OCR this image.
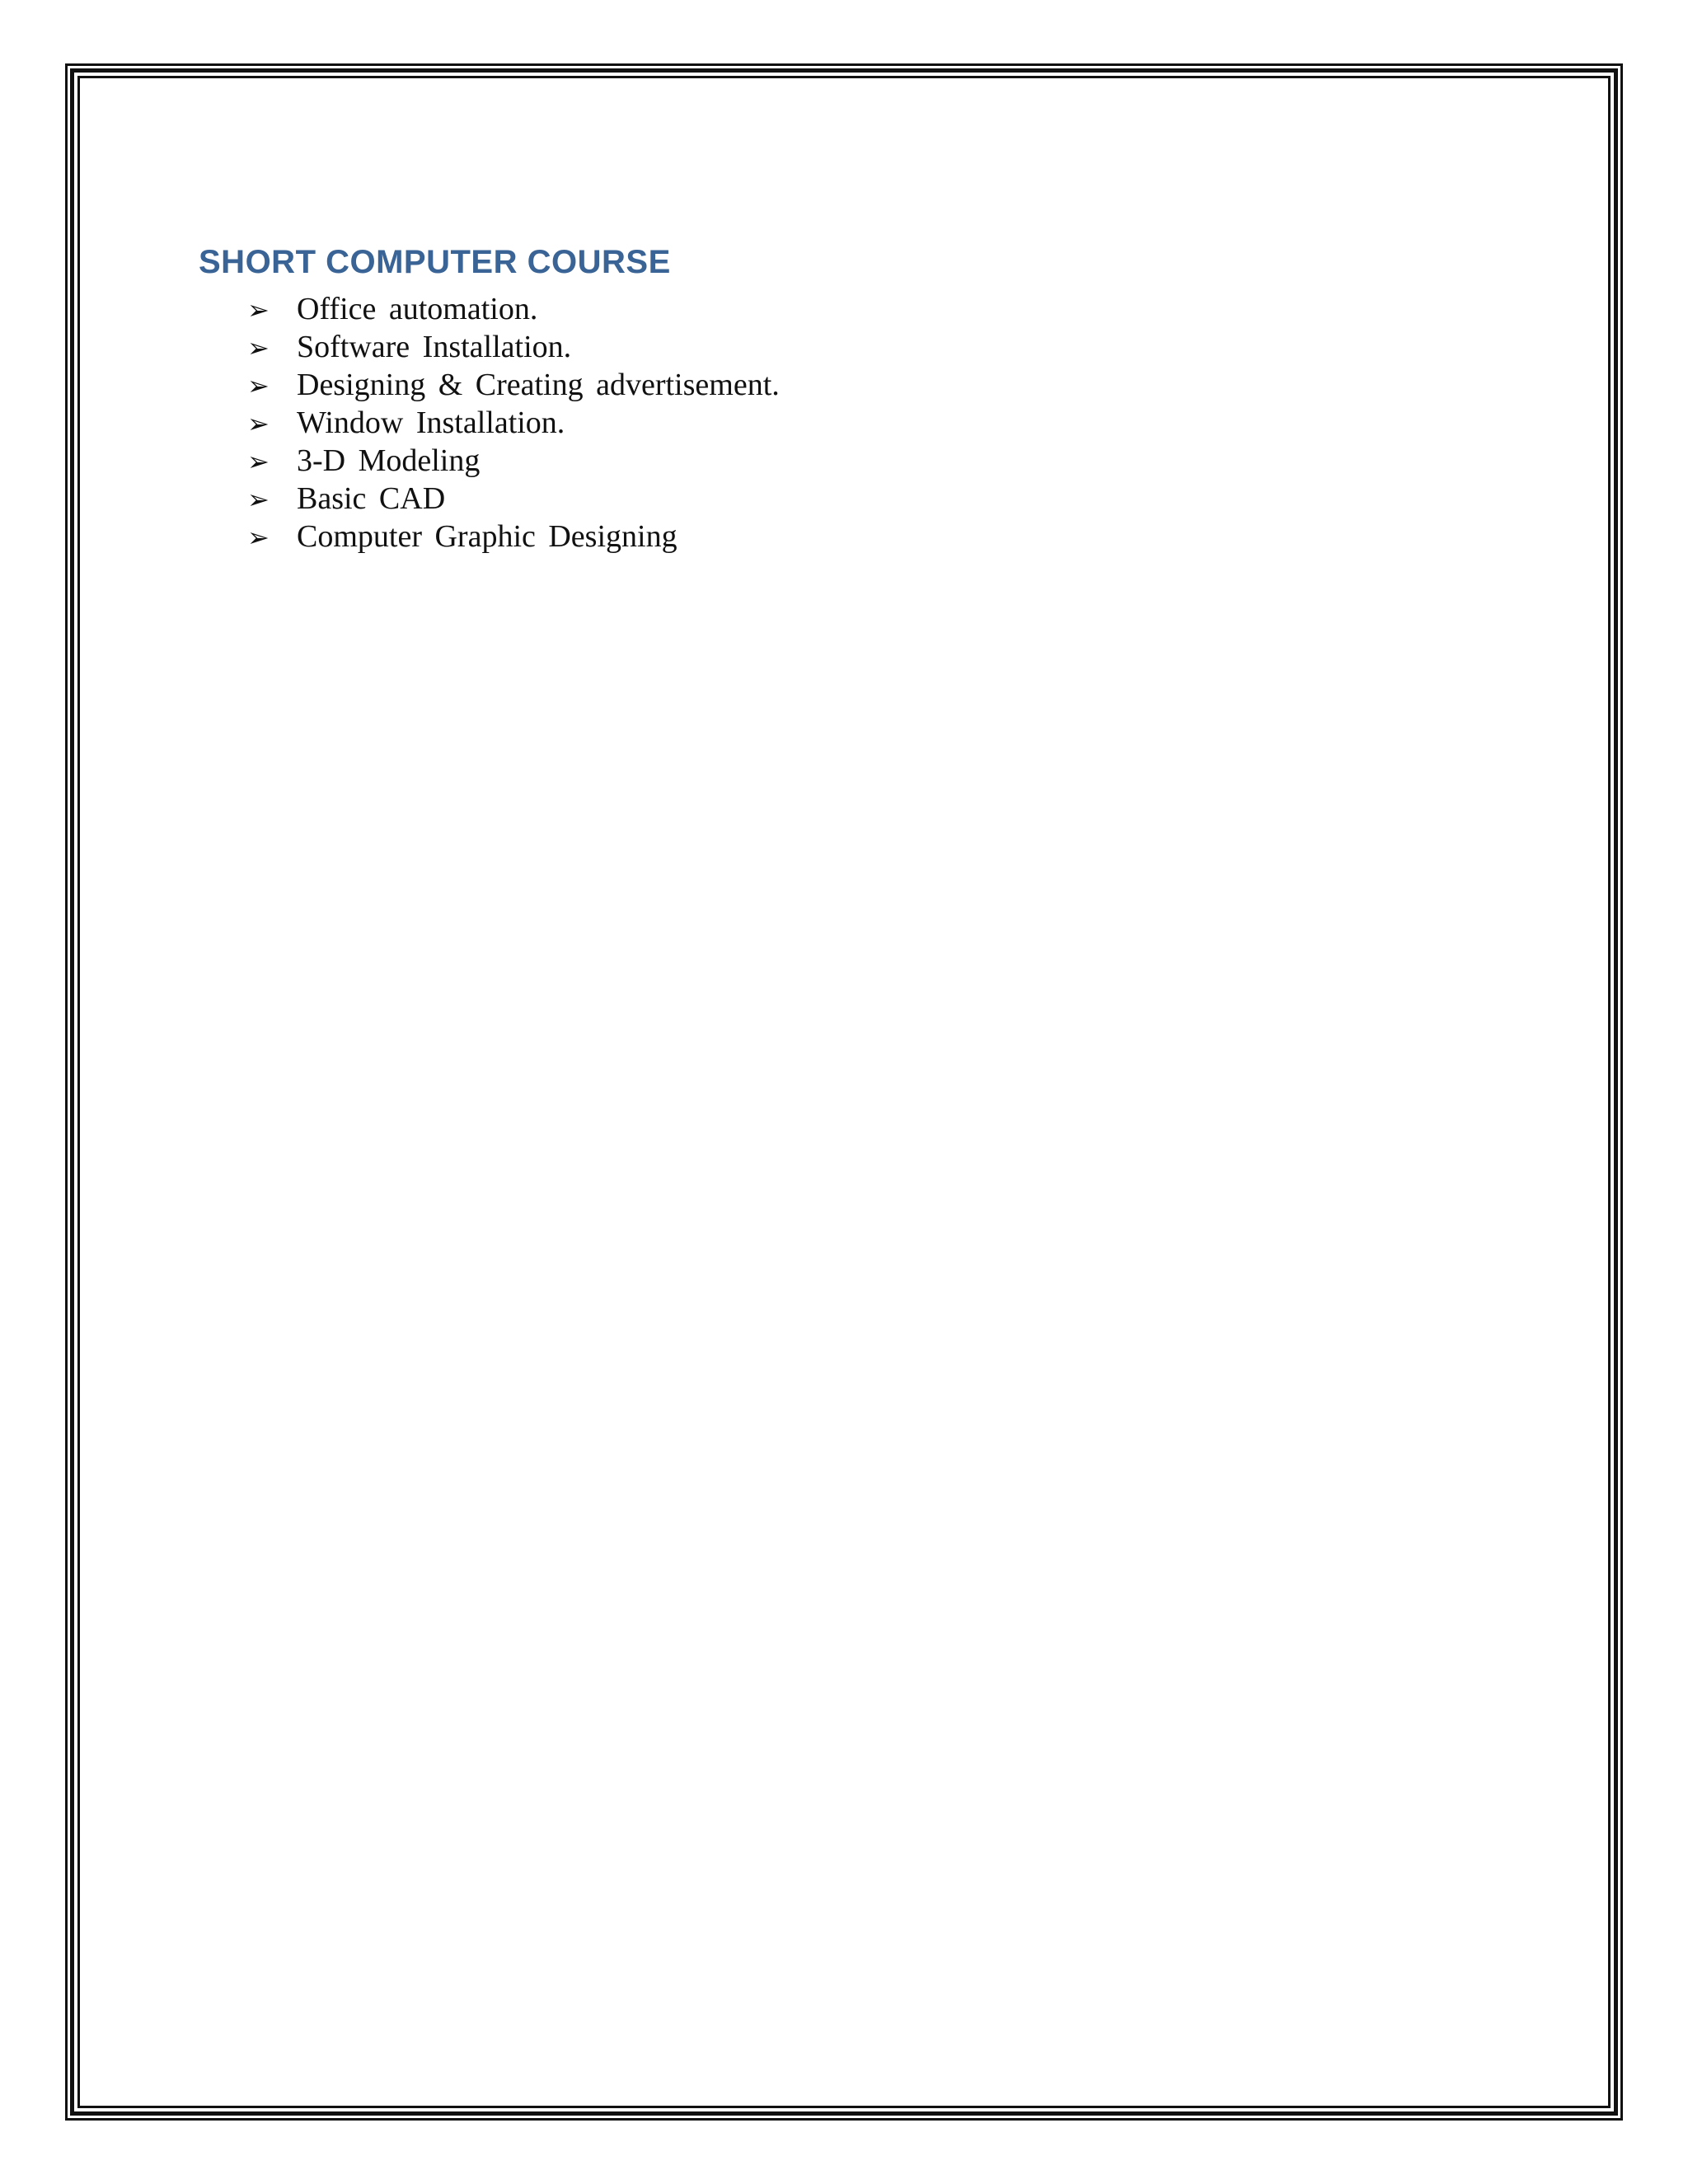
SHORT COMPUTER COURSE
➢ Office automation.
➢ Software Installation.
➢ Designing & Creating advertisement.
➢ Window Installation.
➢ 3-D Modeling
➢ Basic CAD
➢ Computer Graphic Designing
